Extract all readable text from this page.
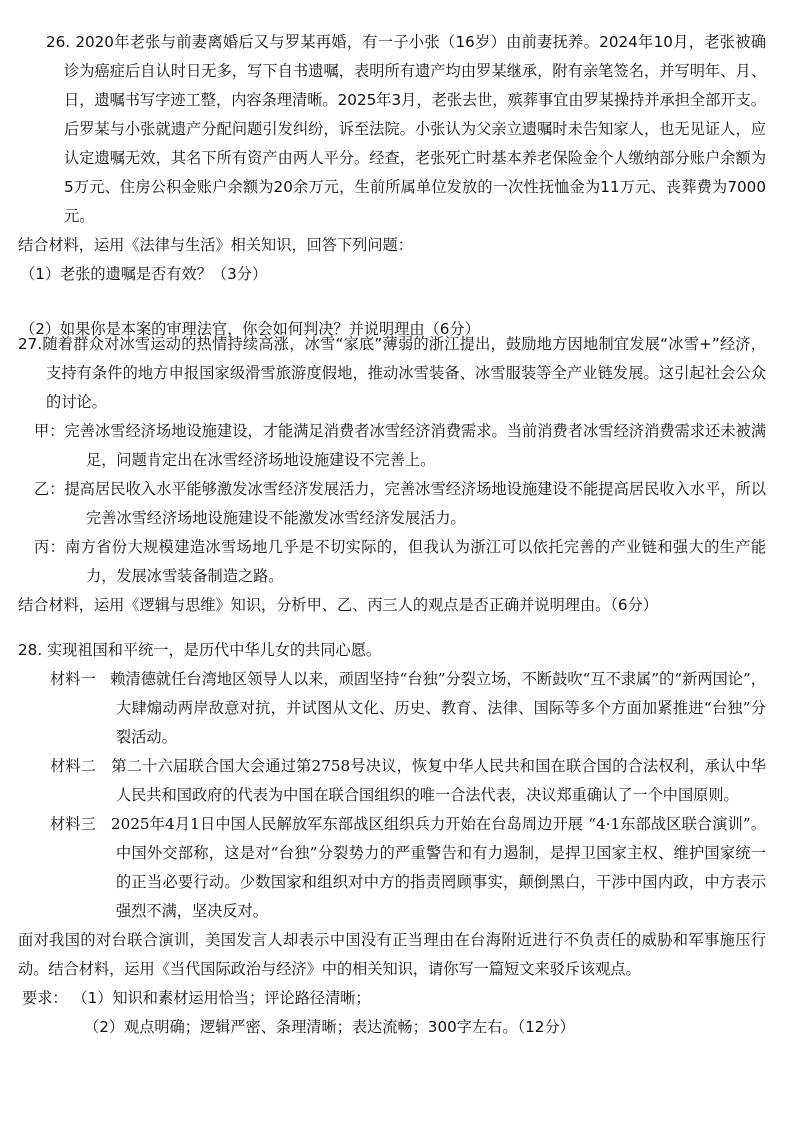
26. 2020年老张与前妻离婚后又与罗某再婚，有一子小张（16岁）由前妻抚养。2024年10月，老张被确诊为癌症后自认时日无多，写下自书遗嘱，表明所有遗产均由罗某继承，附有亲笔签名，并写明年、月、日，遗嘱书写字迹工整，内容条理清晰。2025年3月，老张去世，殡葬事宜由罗某操持并承担全部开支。后罗某与小张就遗产分配问题引发纠纷，诉至法院。小张认为父亲立遗嘱时未告知家人，也无见证人，应认定遗嘱无效，其名下所有资产由两人平分。经查，老张死亡时基本养老保险金个人缴纳部分账户余额为5万元、住房公积金账户余额为20余万元，生前所属单位发放的一次性抚恤金为11万元、丧葬费为7000元。

结合材料，运用《法律与生活》相关知识，回答下列问题：

（1）老张的遗嘱是否有效？（3分）

（2）如果你是本案的审理法官，你会如何判决？并说明理由（6分）

27.随着群众对冰雪运动的热情持续高涨，冰雪“家底”薄弱的浙江提出，鼓励地方因地制宜发展“冰雪+”经济，支持有条件的地方申报国家级滑雪旅游度假地，推动冰雪装备、冰雪服装等全产业链发展。这引起社会公众的讨论。

甲：完善冰雪经济场地设施建设，才能满足消费者冰雪经济消费需求。当前消费者冰雪经济消费需求还未被满足，问题肯定出在冰雪经济场地设施建设不完善上。

乙：提高居民收入水平能够激发冰雪经济发展活力，完善冰雪经济场地设施建设不能提高居民收入水平，所以完善冰雪经济场地设施建设不能激发冰雪经济发展活力。

丙：南方省份大规模建造冰雪场地几乎是不切实际的，但我认为浙江可以依托完善的产业链和强大的生产能力，发展冰雪装备制造之路。

结合材料，运用《逻辑与思维》知识，分析甲、乙、丙三人的观点是否正确并说明理由。（6分）

28. 实现祖国和平统一，是历代中华儿女的共同心愿。

材料一 赖清德就任台湾地区领导人以来，顽固坚持“台独”分裂立场，不断鼓吹“互不隶属”的“新两国论”，大肆煽动两岸敌意对抗，并试图从文化、历史、教育、法律、国际等多个方面加紧推进“台独”分裂活动。

材料二 第二十六届联合国大会通过第2758号决议，恢复中华人民共和国在联合国的合法权利，承认中华人民共和国政府的代表为中国在联合国组织的唯一合法代表，决议郑重确认了一个中国原则。

材料三 2025年4月1日中国人民解放军东部战区组织兵力开始在台岛周边开展 “4·1东部战区联合演训”。中国外交部称，这是对“台独”分裂势力的严重警告和有力遏制，是捍卫国家主权、维护国家统一的正当必要行动。少数国家和组织对中方的指责罔顾事实，颠倒黑白，干涉中国内政，中方表示强烈不满，坚决反对。

面对我国的对台联合演训，美国发言人却表示中国没有正当理由在台海附近进行不负责任的威胁和军事施压行动。结合材料，运用《当代国际政治与经济》中的相关知识，请你写一篇短文来驳斥该观点。

要求： （1）知识和素材运用恰当；评论路径清晰；

（2）观点明确；逻辑严密、条理清晰；表达流畅；300字左右。（12分）
